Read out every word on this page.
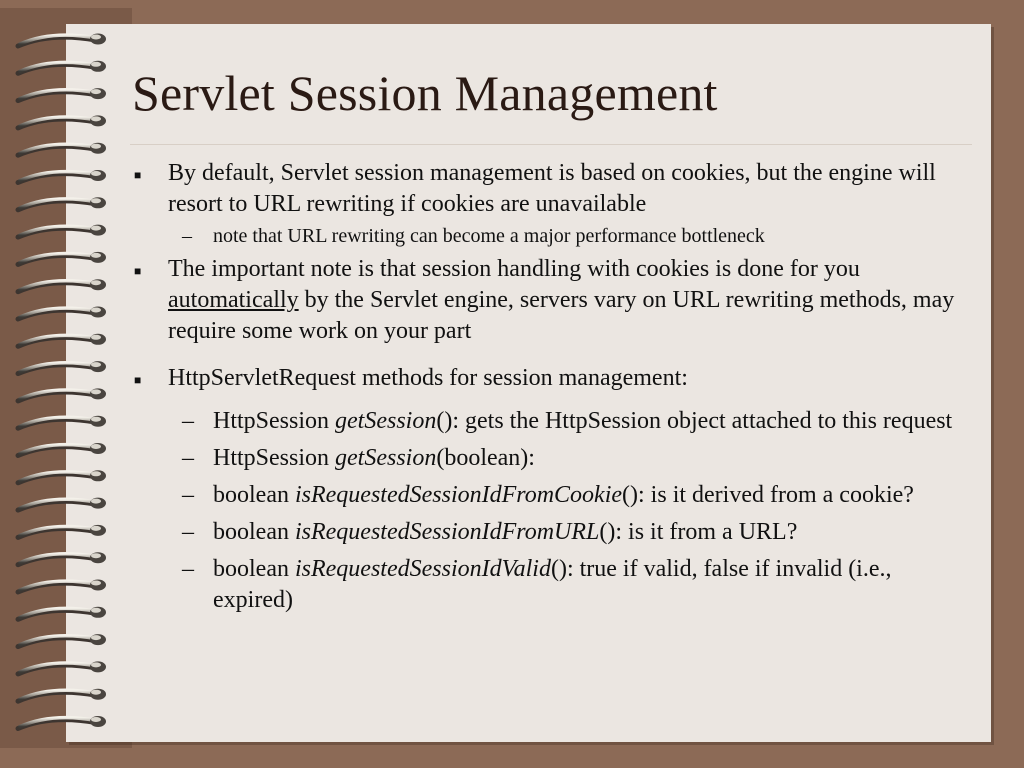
Servlet Session Management

■ By default, Servlet session management is based on cookies, but the engine will resort to URL rewriting if cookies are unavailable

– note that URL rewriting can become a major performance bottleneck

■ The important note is that session handling with cookies is done for you automatically by the Servlet engine, servers vary on URL rewriting methods, may require some work on your part

■ HttpServletRequest methods for session management:

– HttpSession getSession(): gets the HttpSession object attached to this request

– HttpSession getSession(boolean):

– boolean isRequestedSessionIdFromCookie(): is it derived from a cookie?

– boolean isRequestedSessionIdFromURL(): is it from a URL?

– boolean isRequestedSessionIdValid(): true if valid, false if invalid (i.e., expired)
